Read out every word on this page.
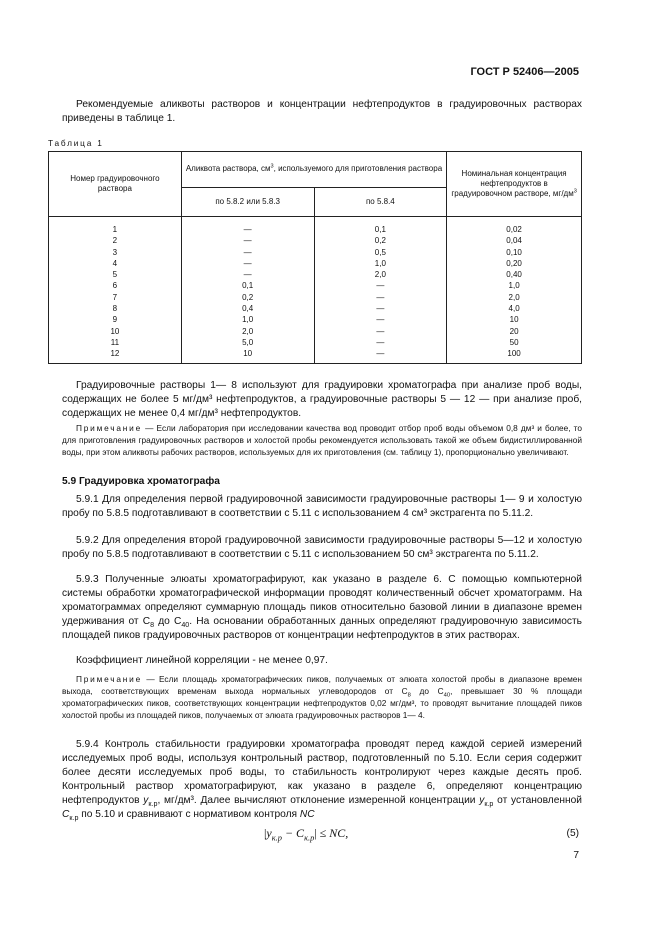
ГОСТ Р 52406—2005

Рекомендуемые аликвоты растворов и концентрации нефтепродуктов в градуировочных растворах приведены в таблице 1.

Таблица 1
Номер градуировочного раствора	Аликвота раствора, $см^3$, используемого для приготовления раствора		Номинальная концентрация нефтепродуктов в градуировочном растворе, $мг/дм^3$
	по 5.8.2 или 5.8.3	по 5.8.4	
1	—	0,1	0,02
2	—	0,2	0,04
3	—	0,5	0,10
4	—	1,0	0,20
5	—	2,0	0,40
6	0,1	—	1,0
7	0,2	—	2,0
8	0,4	—	4,0
9	1,0	—	10
10	2,0	—	20
11	5,0	—	50
12	10	—	100

Градуировочные растворы 1— 8 используют для градуировки хроматографа при анализе проб воды, содержащих не более 5 мг/дм³ нефтепродуктов, а градуировочные растворы 5 — 12 — при анализе проб, содержащих не менее 0,4 мг/дм³ нефтепродуктов.

Примечание — Если лаборатория при исследовании качества вод проводит отбор проб воды объемом 0,8 дм³ и более, то для приготовления градуировочных растворов и холостой пробы рекомендуется использовать такой же объем бидистиллированной воды, при этом аликвоты рабочих растворов, используемых для их приготовления (см. таблицу 1), пропорционально увеличивают.

5.9 Градуировка хроматографа

5.9.1 Для определения первой градуировочной зависимости градуировочные растворы 1— 9 и холостую пробу по 5.8.5 подготавливают в соответствии с 5.11 с использованием 4 см³ экстрагента по 5.11.2.

5.9.2 Для определения второй градуировочной зависимости градуировочные растворы 5—12 и холостую пробу по 5.8.5 подготавливают в соответствии с 5.11 с использованием 50 см³ экстрагента по 5.11.2.

5.9.3 Полученные элюаты хроматографируют, как указано в разделе 6. С помощью компьютерной системы обработки хроматографической информации проводят количественный обсчет хроматограмм. На хроматограммах определяют суммарную площадь пиков относительно базовой линии в диапазоне времен удерживания от $C_8$ до $C_{40}$. На основании обработанных данных определяют градуировочную зависимость площадей пиков градуировочных растворов от концентрации нефтепродуктов в этих растворах.

Коэффициент линейной корреляции - не менее 0,97.

Примечание — Если площадь хроматографических пиков, получаемых от элюата холостой пробы в диапазоне времен выхода, соответствующих временам выхода нормальных углеводородов от $C_8$ до $C_{40}$, превышает 30 % площади хроматографических пиков, соответствующих концентрации нефтепродуктов 0,02 мг/дм³, то проводят вычитание площадей пиков холостой пробы из площадей пиков, получаемых от элюата градуировочных растворов 1— 4.

5.9.4 Контроль стабильности градуировки хроматографа проводят перед каждой серией измерений исследуемых проб воды, используя контрольный раствор, подготовленный по 5.10. Если серия содержит более десяти исследуемых проб воды, то стабильность контролируют через каждые десять проб. Контрольный раствор хроматографируют, как указано в разделе 6, определяют концентрацию нефтепродуктов $y_{к.р}$, мг/дм³. Далее вычисляют отклонение измеренной концентрации $y_{к.р}$ от установленной $C_{к.р}$ по 5.10 и сравнивают с нормативом контроля NC

$|y_{к.р} - C_{к.р}|$ ≤ NC,	(5)
7
